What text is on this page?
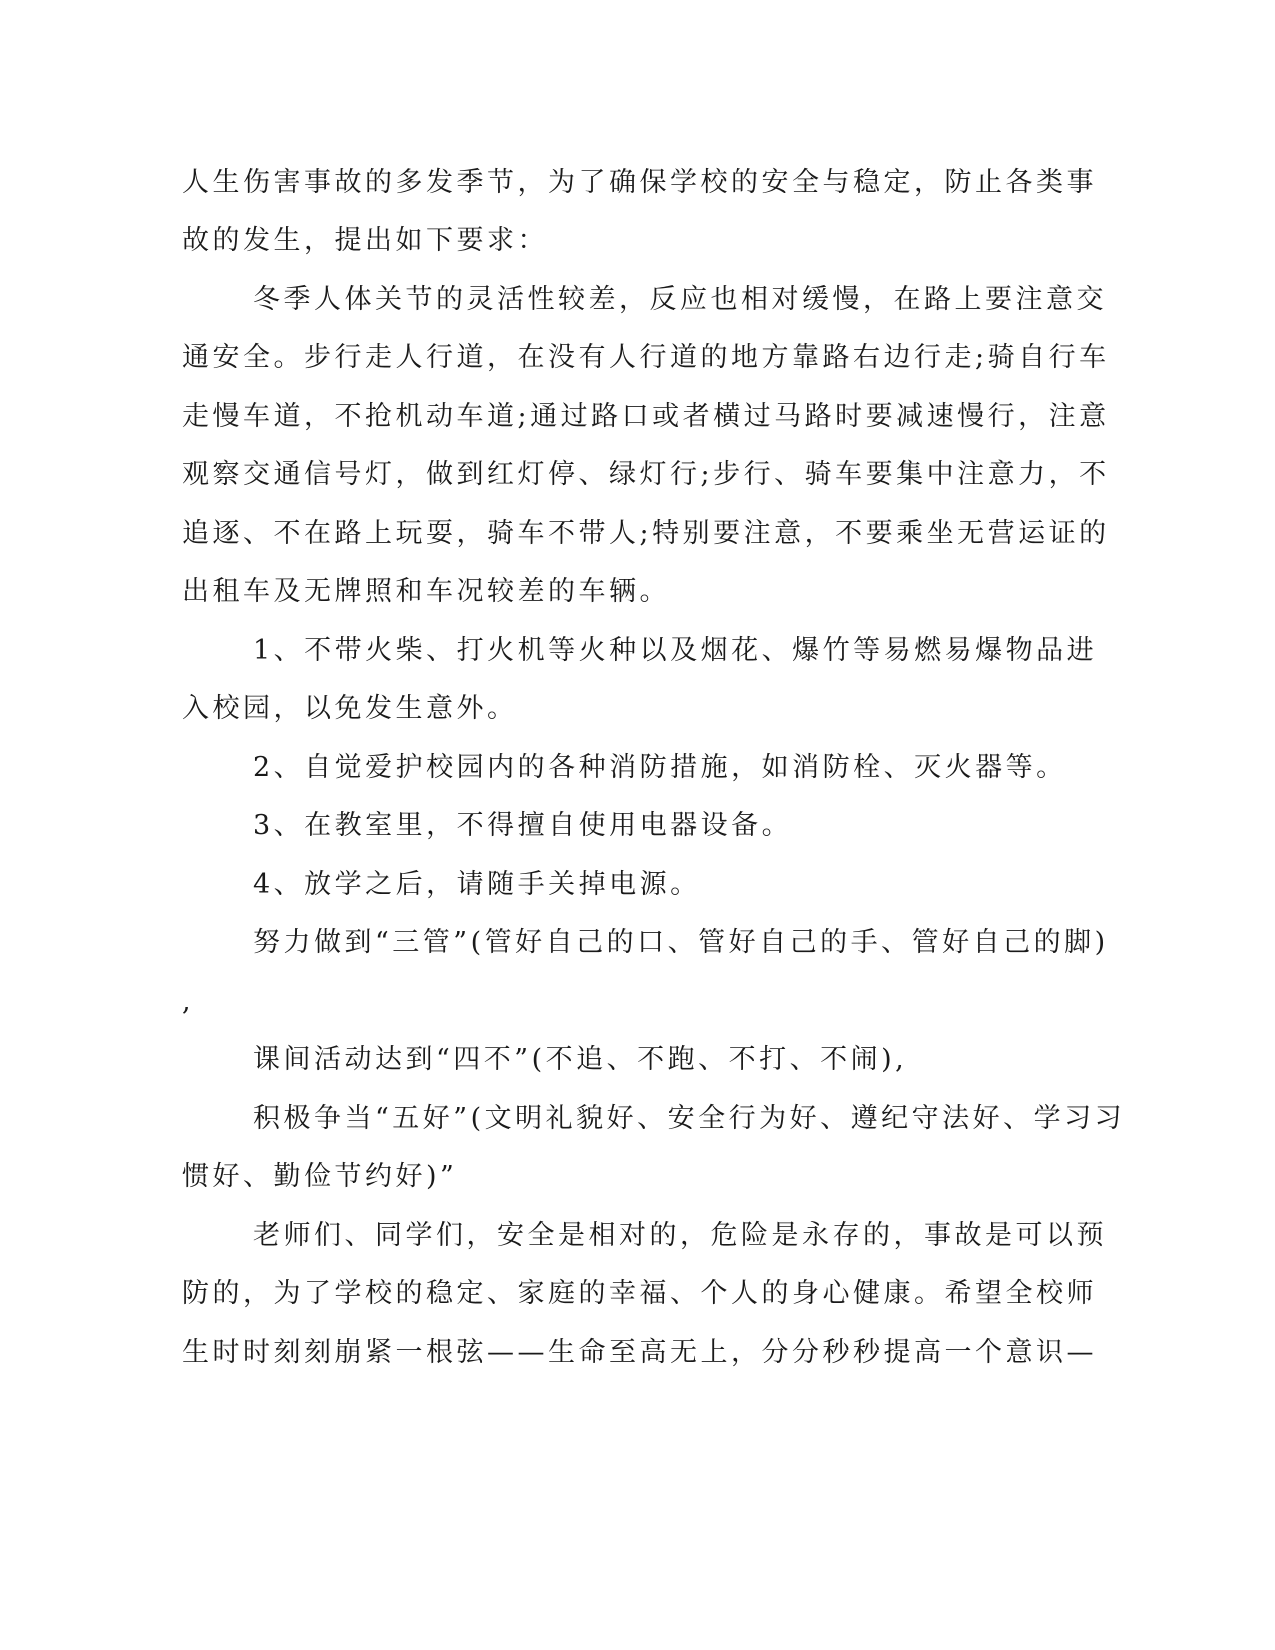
人生伤害事故的多发季节，为了确保学校的安全与稳定，防止各类事
故的发生，提出如下要求：
冬季人体关节的灵活性较差，反应也相对缓慢，在路上要注意交
通安全。步行走人行道，在没有人行道的地方靠路右边行走;骑自行车
走慢车道，不抢机动车道;通过路口或者横过马路时要减速慢行，注意
观察交通信号灯，做到红灯停、绿灯行;步行、骑车要集中注意力，不
追逐、不在路上玩耍，骑车不带人;特别要注意，不要乘坐无营运证的
出租车及无牌照和车况较差的车辆。
1、不带火柴、打火机等火种以及烟花、爆竹等易燃易爆物品进
入校园，以免发生意外。
2、自觉爱护校园内的各种消防措施，如消防栓、灭火器等。
3、在教室里，不得擅自使用电器设备。
4、放学之后，请随手关掉电源。
努力做到“三管”(管好自己的口、管好自己的手、管好自己的脚)
,
课间活动达到“四不”(不追、不跑、不打、不闹),
积极争当“五好”(文明礼貌好、安全行为好、遵纪守法好、学习习
惯好、勤俭节约好)”
老师们、同学们，安全是相对的，危险是永存的，事故是可以预
防的，为了学校的稳定、家庭的幸福、个人的身心健康。希望全校师
生时时刻刻崩紧一根弦——生命至高无上，分分秒秒提高一个意识—
